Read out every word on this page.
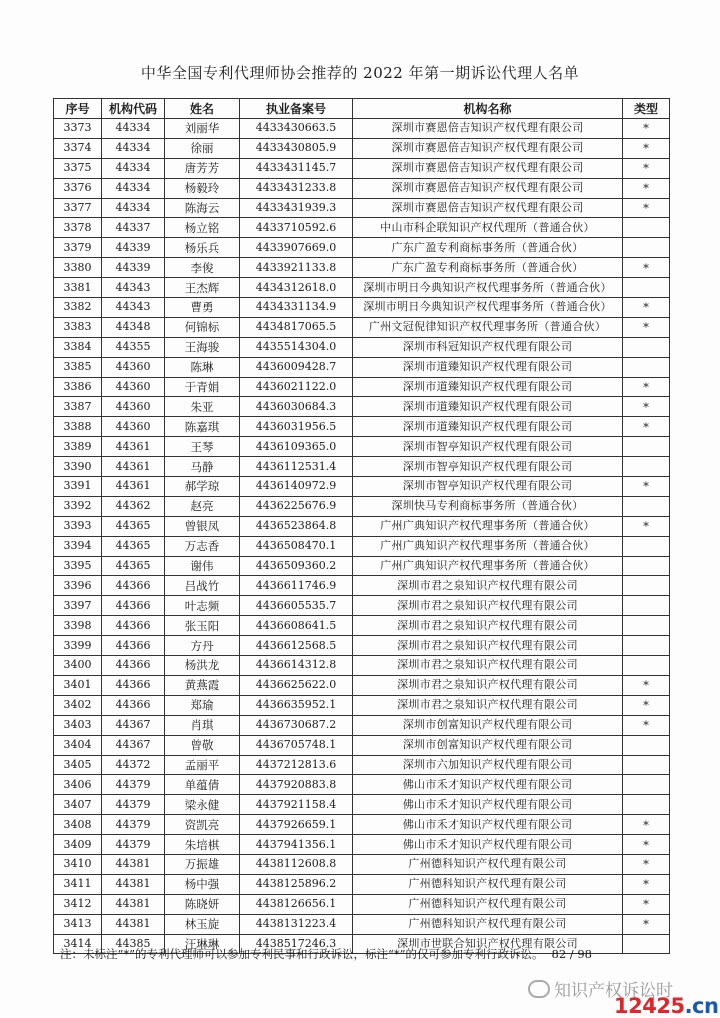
中华全国专利代理师协会推荐的 2022 年第一期诉讼代理人名单
序号	机构代码	姓名	执业备案号	机构名称	类型
3373	44334	刘丽华	4433430663.5	深圳市赛恩倍吉知识产权代理有限公司	*
3374	44334	徐丽	4433430805.9	深圳市赛恩倍吉知识产权代理有限公司	*
3375	44334	唐芳芳	4433431145.7	深圳市赛恩倍吉知识产权代理有限公司	*
3376	44334	杨毅玲	4433431233.8	深圳市赛恩倍吉知识产权代理有限公司	*
3377	44334	陈海云	4433431939.3	深圳市赛恩倍吉知识产权代理有限公司	*
3378	44337	杨立铭	4433710592.6	中山市科企联知识产权代理所（普通合伙）	
3379	44339	杨乐兵	4433907669.0	广东广盈专利商标事务所（普通合伙）	
3380	44339	李俊	4433921133.8	广东广盈专利商标事务所（普通合伙）	*
3381	44343	王杰辉	4434312618.0	深圳市明日今典知识产权代理事务所（普通合伙）	
3382	44343	曹勇	4434331134.9	深圳市明日今典知识产权代理事务所（普通合伙）	*
3383	44348	何锦标	4434817065.5	广州文冠倪律知识产权代理事务所（普通合伙）	*
3384	44355	王海骏	4435514304.0	深圳市科冠知识产权代理有限公司	
3385	44360	陈琳	4436009428.7	深圳市道臻知识产权代理有限公司	
3386	44360	于青娟	4436021122.0	深圳市道臻知识产权代理有限公司	*
3387	44360	朱亚	4436030684.3	深圳市道臻知识产权代理有限公司	*
3388	44360	陈嘉琪	4436031956.5	深圳市道臻知识产权代理有限公司	*
3389	44361	王琴	4436109365.0	深圳市智亭知识产权代理有限公司	
3390	44361	马静	4436112531.4	深圳市智亭知识产权代理有限公司	
3391	44361	郝学琼	4436140972.9	深圳市智亭知识产权代理有限公司	*
3392	44362	赵亮	4436225676.9	深圳快马专利商标事务所（普通合伙）	
3393	44365	曾银凤	4436523864.8	广州广典知识产权代理事务所（普通合伙）	*
3394	44365	万志香	4436508470.1	广州广典知识产权代理事务所（普通合伙）	
3395	44365	谢伟	4436509360.2	广州广典知识产权代理事务所（普通合伙）	
3396	44366	吕战竹	4436611746.9	深圳市君之泉知识产权代理有限公司	
3397	44366	叶志频	4436605535.7	深圳市君之泉知识产权代理有限公司	
3398	44366	张玉阳	4436608641.5	深圳市君之泉知识产权代理有限公司	
3399	44366	方丹	4436612568.5	深圳市君之泉知识产权代理有限公司	
3400	44366	杨洪龙	4436614312.8	深圳市君之泉知识产权代理有限公司	
3401	44366	黄燕霞	4436625622.0	深圳市君之泉知识产权代理有限公司	*
3402	44366	郑瑜	4436635952.1	深圳市君之泉知识产权代理有限公司	*
3403	44367	肖琪	4436730687.2	深圳市创富知识产权代理有限公司	*
3404	44367	曾敬	4436705748.1	深圳市创富知识产权代理有限公司	
3405	44372	孟丽平	4437212813.6	深圳市六加知识产权代理有限公司	
3406	44379	单蕴倩	4437920883.8	佛山市禾才知识产权代理有限公司	
3407	44379	梁永健	4437921158.4	佛山市禾才知识产权代理有限公司	
3408	44379	资凯亮	4437926659.1	佛山市禾才知识产权代理有限公司	*
3409	44379	朱培棋	4437941356.1	佛山市禾才知识产权代理有限公司	*
3410	44381	万振雄	4438112608.8	广州德科知识产权代理有限公司	*
3411	44381	杨中强	4438125896.2	广州德科知识产权代理有限公司	*
3412	44381	陈晓妍	4438126656.1	广州德科知识产权代理有限公司	*
3413	44381	林玉旋	4438131223.4	广州德科知识产权代理有限公司	*
3414	44385	汪琳琳	4438517246.3	深圳市世联合知识产权代理有限公司	
注：未标注“*”的专利代理师可以参加专利民事和行政诉讼，标注“*”的仅可参加专利行政诉讼。 82 / 98
知识产权诉讼时
12425.cn
